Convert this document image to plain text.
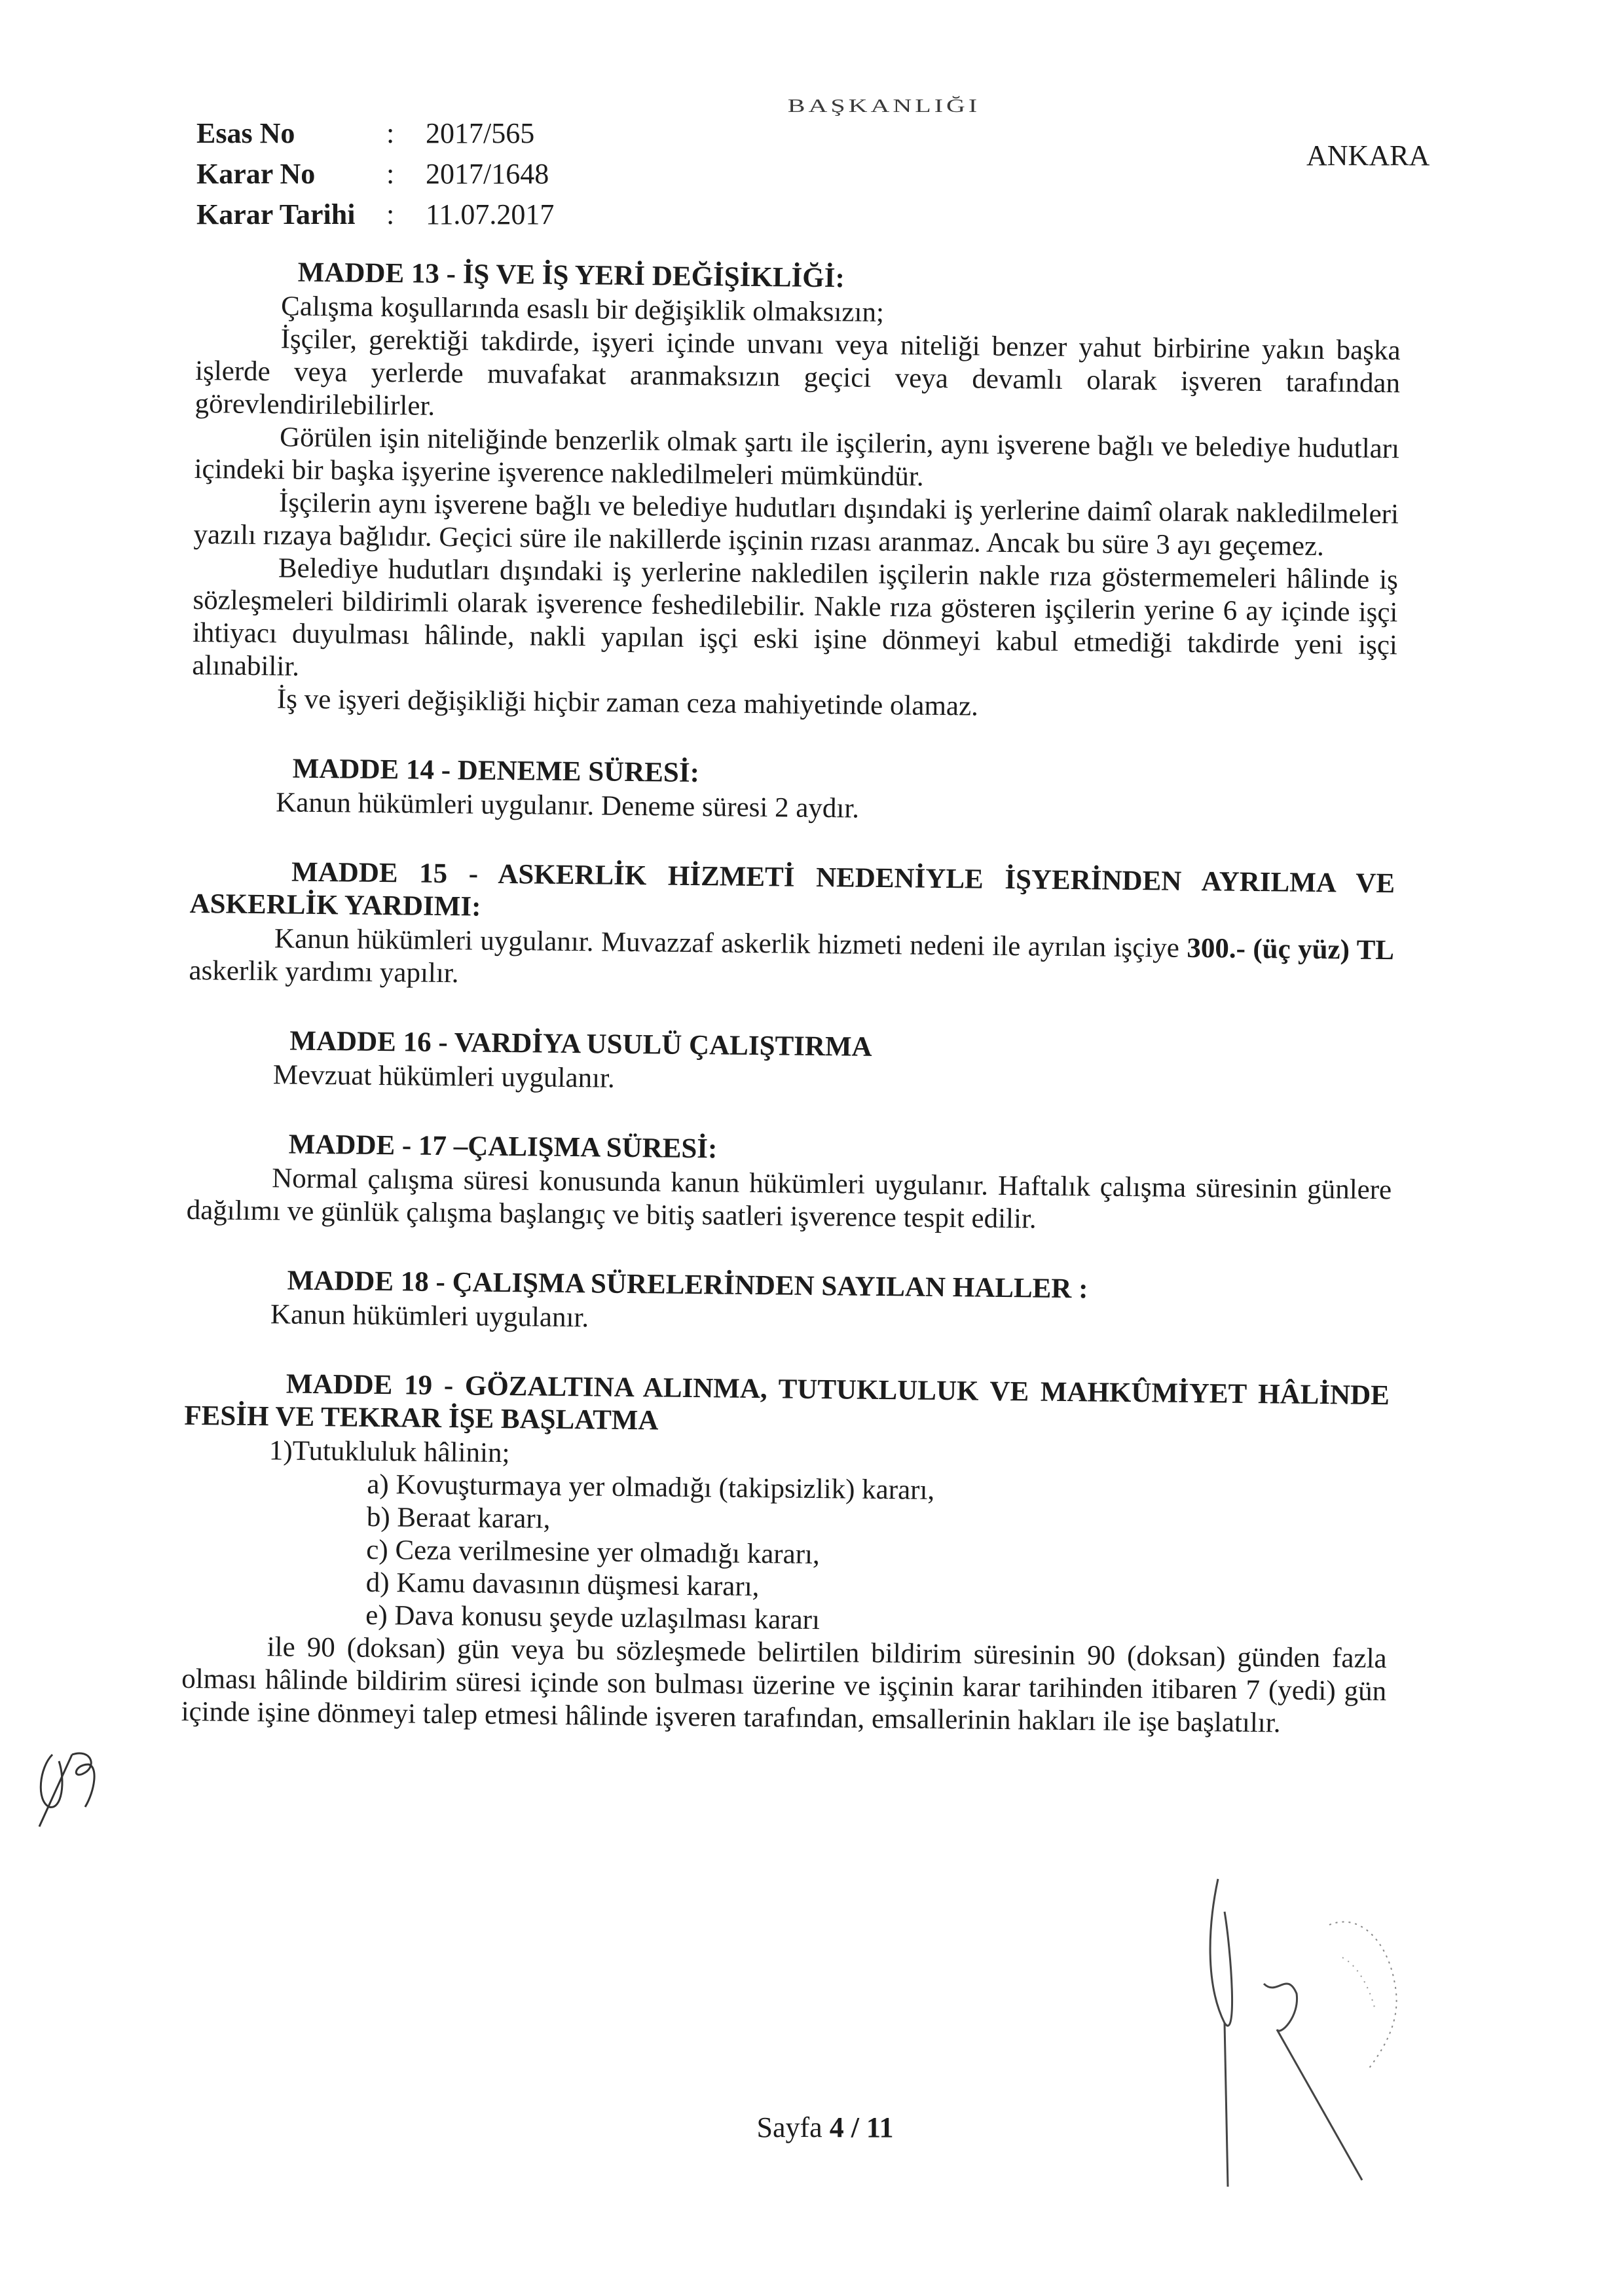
BAŞKANLIĞI
ANKARA
Esas No	:	2017/565
Karar No	:	2017/1648
Karar Tarihi	:	11.07.2017

MADDE 13 - İŞ VE İŞ YERİ DEĞİŞİKLİĞİ:

Çalışma koşullarında esaslı bir değişiklik olmaksızın;

İşçiler, gerektiği takdirde, işyeri içinde unvanı veya niteliği benzer yahut birbirine yakın başka işlerde veya yerlerde muvafakat aranmaksızın geçici veya devamlı olarak işveren tarafından görevlendirilebilirler.

Görülen işin niteliğinde benzerlik olmak şartı ile işçilerin, aynı işverene bağlı ve belediye hudutları içindeki bir başka işyerine işverence nakledilmeleri mümkündür.

İşçilerin aynı işverene bağlı ve belediye hudutları dışındaki iş yerlerine daimî olarak nakledilmeleri yazılı rızaya bağlıdır. Geçici süre ile nakillerde işçinin rızası aranmaz. Ancak bu süre 3 ayı geçemez.

Belediye hudutları dışındaki iş yerlerine nakledilen işçilerin nakle rıza göstermemeleri hâlinde iş sözleşmeleri bildirimli olarak işverence feshedilebilir. Nakle rıza gösteren işçilerin yerine 6 ay içinde işçi ihtiyacı duyulması hâlinde, nakli yapılan işçi eski işine dönmeyi kabul etmediği takdirde yeni işçi alınabilir.

İş ve işyeri değişikliği hiçbir zaman ceza mahiyetinde olamaz.

MADDE 14 - DENEME SÜRESİ:

Kanun hükümleri uygulanır. Deneme süresi 2 aydır.

MADDE 15 - ASKERLİK HİZMETİ NEDENİYLE İŞYERİNDEN AYRILMA VE ASKERLİK YARDIMI:

Kanun hükümleri uygulanır. Muvazzaf askerlik hizmeti nedeni ile ayrılan işçiye 300.- (üç yüz) TL askerlik yardımı yapılır.

MADDE 16 - VARDİYA USULÜ ÇALIŞTIRMA

Mevzuat hükümleri uygulanır.

MADDE - 17 –ÇALIŞMA SÜRESİ:

Normal çalışma süresi konusunda kanun hükümleri uygulanır. Haftalık çalışma süresinin günlere dağılımı ve günlük çalışma başlangıç ve bitiş saatleri işverence tespit edilir.

MADDE 18 - ÇALIŞMA SÜRELERİNDEN SAYILAN HALLER :

Kanun hükümleri uygulanır.

MADDE 19 - GÖZALTINA ALINMA, TUTUKLULUK VE MAHKÛMİYET HÂLİNDE FESİH VE TEKRAR İŞE BAŞLATMA

1)Tutukluluk hâlinin;

a) Kovuşturmaya yer olmadığı (takipsizlik) kararı,

b) Beraat kararı,

c) Ceza verilmesine yer olmadığı kararı,

d) Kamu davasının düşmesi kararı,

e) Dava konusu şeyde uzlaşılması kararı

ile 90 (doksan) gün veya bu sözleşmede belirtilen bildirim süresinin 90 (doksan) günden fazla olması hâlinde bildirim süresi içinde son bulması üzerine ve işçinin karar tarihinden itibaren 7 (yedi) gün içinde işine dönmeyi talep etmesi hâlinde işveren tarafından, emsallerinin hakları ile işe başlatılır.

Sayfa 4 / 11
